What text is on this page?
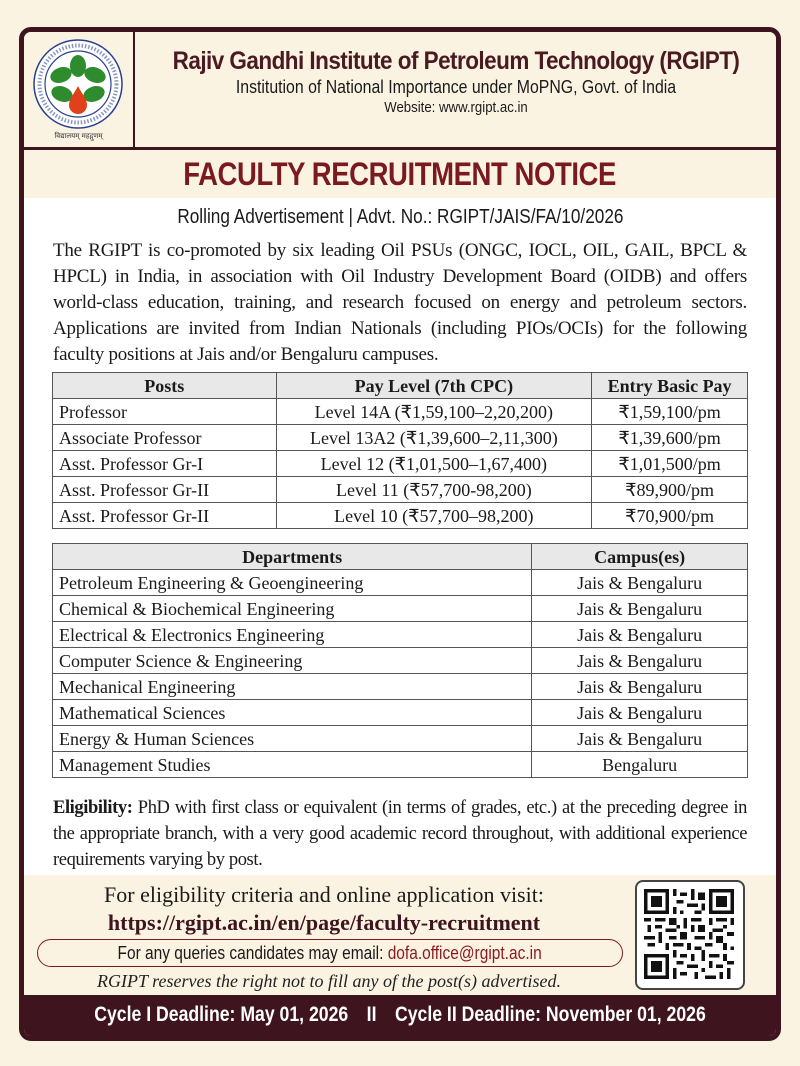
विद्यालयम् महद्गुणम्
Rajiv Gandhi Institute of Petroleum Technology (RGIPT)
Institution of National Importance under MoPNG, Govt. of India
Website: www.rgipt.ac.in
FACULTY RECRUITMENT NOTICE
Rolling Advertisement | Advt. No.: RGIPT/JAIS/FA/10/2026
The RGIPT is co-promoted by six leading Oil PSUs (ONGC, IOCL, OIL, GAIL, BPCL & HPCL) in India, in association with Oil Industry Development Board (OIDB) and offers world-class education, training, and research focused on energy and petroleum sectors. Applications are invited from Indian Nationals (including PIOs/OCIs) for the following faculty positions at Jais and/or Bengaluru campuses.
Posts	Pay Level (7th CPC)	Entry Basic Pay
Professor	Level 14A (₹1,59,100–2,20,200)	₹1,59,100/pm
Associate Professor	Level 13A2 (₹1,39,600–2,11,300)	₹1,39,600/pm
Asst. Professor Gr-I	Level 12 (₹1,01,500–1,67,400)	₹1,01,500/pm
Asst. Professor Gr-II	Level 11 (₹57,700-98,200)	₹89,900/pm
Asst. Professor Gr-II	Level 10 (₹57,700–98,200)	₹70,900/pm
Departments	Campus(es)
Petroleum Engineering & Geoengineering	Jais & Bengaluru
Chemical & Biochemical Engineering	Jais & Bengaluru
Electrical & Electronics Engineering	Jais & Bengaluru
Computer Science & Engineering	Jais & Bengaluru
Mechanical Engineering	Jais & Bengaluru
Mathematical Sciences	Jais & Bengaluru
Energy & Human Sciences	Jais & Bengaluru
Management Studies	Bengaluru
Eligibility: PhD with first class or equivalent (in terms of grades, etc.) at the preceding degree in the appropriate branch, with a very good academic record throughout, with additional experience requirements varying by post.
For eligibility criteria and online application visit:
https://rgipt.ac.in/en/page/faculty-recruitment
For any queries candidates may email: dofa.office@rgipt.ac.in
RGIPT reserves the right not to fill any of the post(s) advertised.
Cycle I Deadline: May 01, 2026 II Cycle II Deadline: November 01, 2026
